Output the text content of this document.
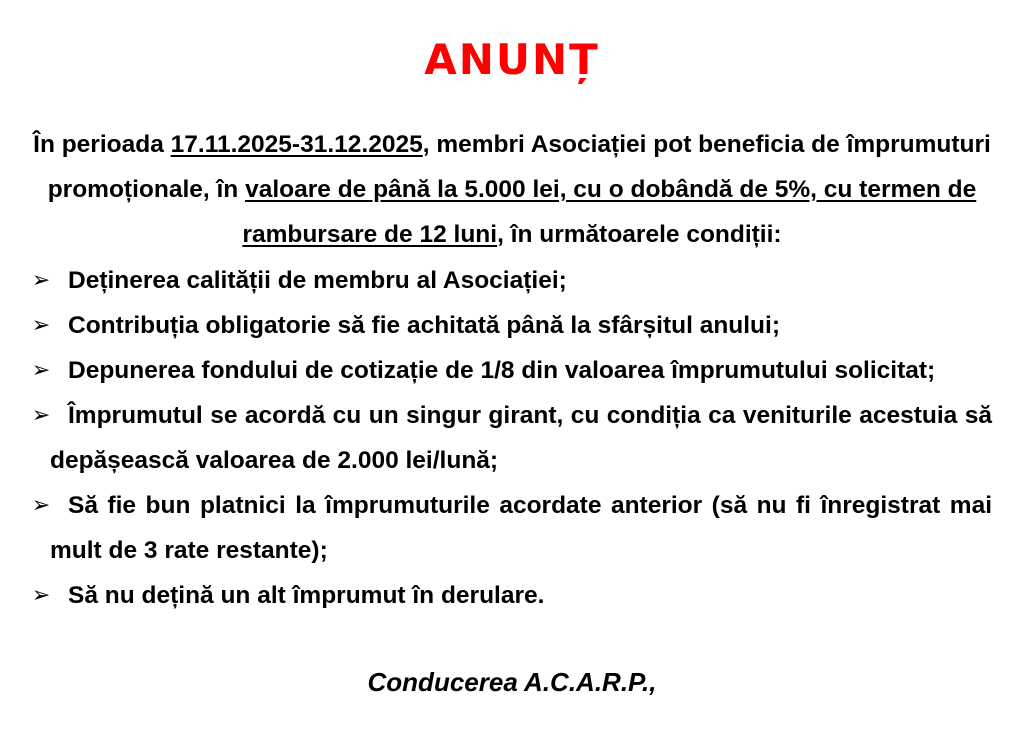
ANUNȚ
În perioada 17.11.2025-31.12.2025, membri Asociației pot beneficia de împrumuturi promoționale, în valoare de până la 5.000 lei, cu o dobândă de 5%, cu termen de rambursare de 12 luni, în următoarele condiții:
➢ Deținerea calității de membru al Asociației;
➢ Contribuția obligatorie să fie achitată până la sfârșitul anului;
➢ Depunerea fondului de cotizație de 1/8 din valoarea împrumutului solicitat;
➢ Împrumutul se acordă cu un singur girant, cu condiția ca veniturile acestuia să depășească valoarea de 2.000 lei/lună;
➢ Să fie bun platnici la împrumuturile acordate anterior (să nu fi înregistrat mai mult de 3 rate restante);
➢ Să nu dețină un alt împrumut în derulare.
Conducerea A.C.A.R.P.,
